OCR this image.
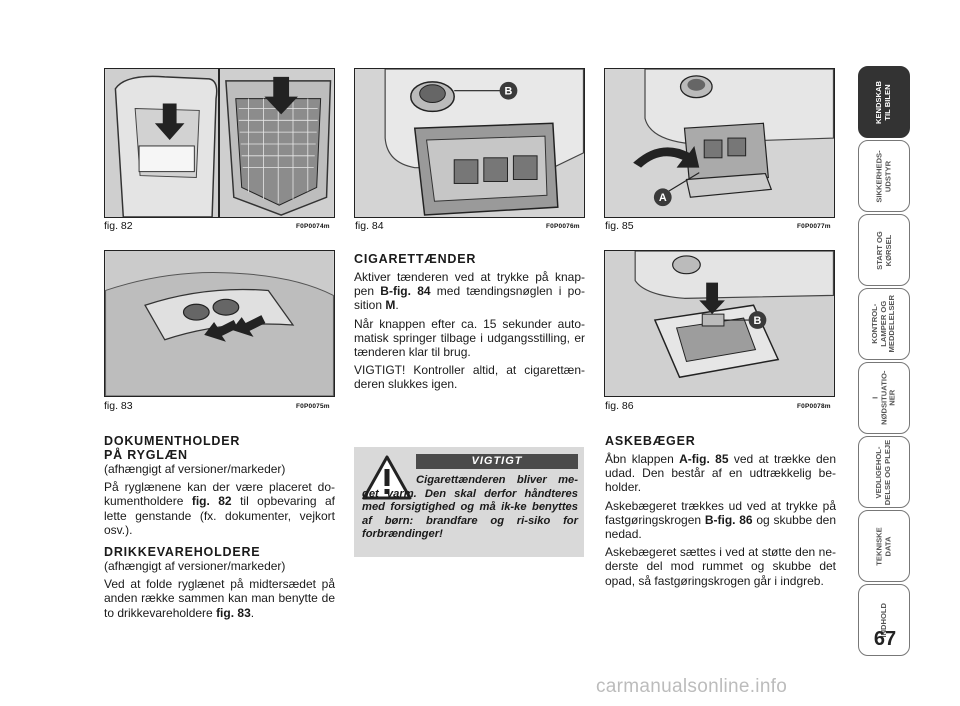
fig. 82	F0P0074m
B
fig. 84	F0P0076m
A
fig. 85	F0P0077m
fig. 83	F0P0075m
B
fig. 86	F0P0078m
DOKUMENTHOLDER
PÅ RYGLÆN

(afhængigt af versioner/markeder)

På ryglænene kan der være placeret do-kumentholdere fig. 82 til opbevaring af lette genstande (fx. dokumenter, vejkort osv.).

DRIKKEVAREHOLDERE

(afhængigt af versioner/markeder)

Ved at folde ryglænet på midtersædet på anden række sammen kan man benytte de to drikkevareholdere fig. 83.

CIGARETTÆNDER

Aktiver tænderen ved at trykke på knap-pen B-fig. 84 med tændingsnøglen i po-sition M.

Når knappen efter ca. 15 sekunder auto-matisk springer tilbage i udgangsstilling, er tænderen klar til brug.

VIGTIGT! Kontroller altid, at cigarettæn-deren slukkes igen.

VIGTIGT
Cigarettænderen bliver me-get varm. Den skal derfor håndteres med forsigtighed og må ik-ke benyttes af børn: brandfare og ri-siko for forbrændinger!
ASKEBÆGER

Åbn klappen A-fig. 85 ved at trække den udad. Den består af en udtrækkelig be-holder.

Askebægeret trækkes ud ved at trykke på fastgøringskrogen B-fig. 86 og skubbe den nedad.

Askebægeret sættes i ved at støtte den ne-derste del mod rummet og skubbe det opad, så fastgøringskrogen går i indgreb.

KENDSKAB
TIL BILEN
SIKKERHEDS-
UDSTYR
START OG
KØRSEL
KONTROL-
LAMPER OG
MEDDELELSER
I
NØDSITUATIO-
NER
VEDLIGEHOL-
DELSE OG PLEJE
TEKNISKE
DATA
INDHOLD
67
carmanualsonline.info
